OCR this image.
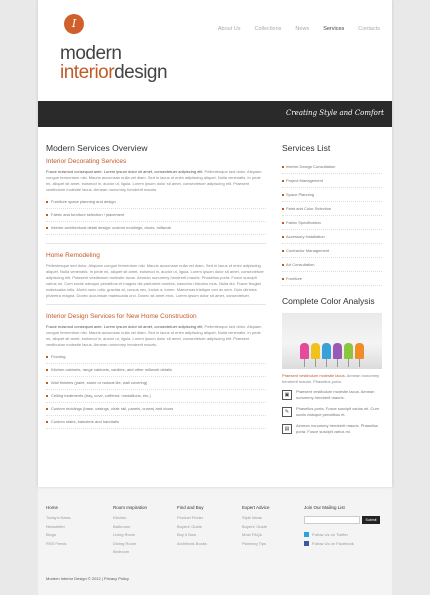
I
modern
interiordesign
About Us	Collections	News	Services	Contacts
Creating Style and Comfort
Modern Services Overview
Interior Decorating Services

Fusce euismod consequat ante. Lorem ipsum dolor sit amet, consectetuer adipiscing elit. Pellentesque sed dolor. Aliquam congue fermentum nisl. Mauris accumsan nulla vel diam. Sed in lacus ut enim adipiscing aliquet. Nulla venenatis. In pede mi, aliquet sit amet, euismod in, auctor ut, ligula. Lorem ipsum dolor sit amet, consectetuer adipiscing elit. Praesent vestibulum molestie lacus. Aenean nonummy hendrerit mauris.

Furniture space planning and design
Fabric and furniture selection / placement
Interior architectural detail design: custom moldings, doors, millwork
Home Remodeling

Pellentesque sed dolor. Aliquam congue fermentum nisl. Mauris accumsan nulla vel diam. Sed in lacus ut enim adipiscing aliquet. Nulla venenatis. In pede mi, aliquet sit amet, euismod in, auctor ut, ligula. Lorem ipsum dolor sit amet, consectetuer adipiscing elit. Praesent vestibulum molestie lacus. Aenean nonummy hendrerit mauris. Phasellus porta. Fusce suscipit varius mi. Cum sociis natoque penatibus et magnis dis parturient montes, nascetur ridiculus mus. Nulla dui. Fusce feugiat malesuada odio. Morbi nunc odio, gravida at, cursus nec, luctus a, lorem. Maecenas tristique orci ac sem. Duis ultricies pharetra magna. Donec accumsan malesuada orci. Donec sit amet eros. Lorem ipsum dolor sit amet, consectetuer.

Interior Design Services for New Home Construction

Fusce euismod consequat ante. Lorem ipsum dolor sit amet, consectetuer adipiscing elit. Pellentesque sed dolor. Aliquam congue fermentum nisl. Mauris accumsan nulla vel diam. Sed in lacus ut enim adipiscing aliquet. Nulla venenatis. In pede mi, aliquet sit amet, euismod in, auctor ut, ligula. Lorem ipsum dolor sit amet, consectetuer adipiscing elit. Praesent vestibulum molestie lacus. Aenean nonummy hendrerit mauris.

Flooring
Kitchen cabinets, range cabinets, vanities, and other millwork details
Wall finishes (paint, stone or natural tile, wall covering)
Ceiling treatments (tray, cove, coffered, medallions, etc.)
Custom moldings (base, casings, chair rail, panels, crown) and doors
Custom stairs, balusters and handrails
Services List
Interior Design Consultation
Project Management
Space Planning
Paint and Color Selection
Fabric Specification
Accessory Installation
Contractor Management
Art Consultation
Furniture
Complete Color Analysis

Praesent vestibulum molestie lacus. Aenean nonummy hendrerit mauris. Phasellus porta.

▣
Praesent vestibulum molestie lacus. Aenean nonummy hendrerit mauris.
✎
Phasellus porta. Fusce suscipit varius mi. Cum sociis natoque penatibus et.
▤
Aenean nonummy hendrerit mauris. Phasellus porta. Fusce suscipit varius mi.
Home
Today's News
Newsletter
Blogs
RSS Feeds
Room Inspiration
Kitchen
Bathroom
Living Room
Dining Room
Bedroom
Find and Buy
Product Finder
Buyers' Guide
Buy it Now
Architects Books
Expert Advice
Style Ideas
Buyers' Guide
Most FAQs
Planning Tips
Join Our Mailing List
Submit
Follow Us on Twitter
Follow Us on Facebook
Modern Interior Design © 2012 | Privacy Policy
